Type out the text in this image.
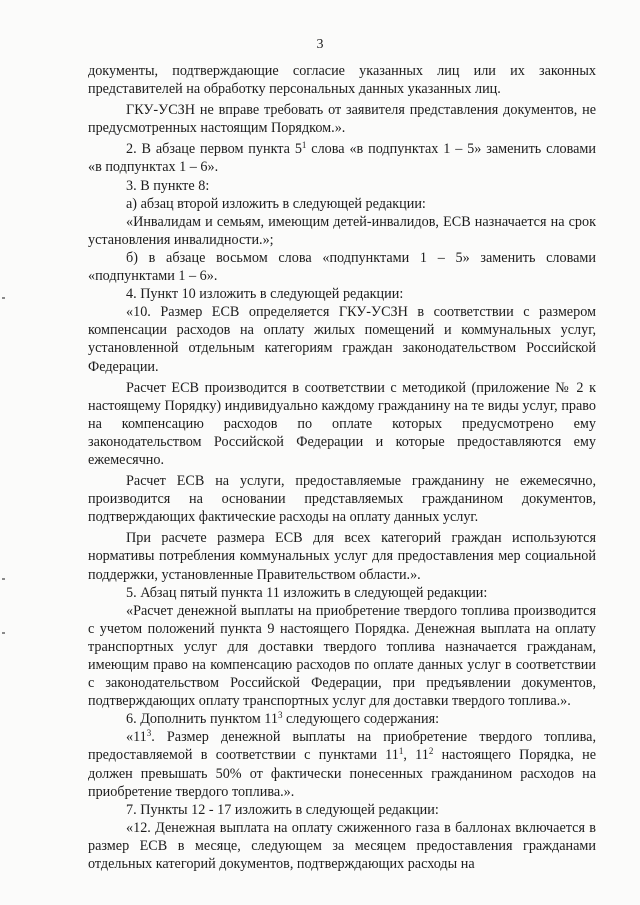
3

документы, подтверждающие согласие указанных лиц или их законных представителей на обработку персональных данных указанных лиц.

ГКУ-УСЗН не вправе требовать от заявителя представления документов, не предусмотренных настоящим Порядком.».

2. В абзаце первом пункта $5^1$ слова «в подпунктах 1 – 5» заменить словами «в подпунктах 1 – 6».

3. В пункте 8:

а) абзац второй изложить в следующей редакции:

«Инвалидам и семьям, имеющим детей-инвалидов, ЕСВ назначается на срок установления инвалидности.»;

б) в абзаце восьмом слова «подпунктами 1 – 5» заменить словами «подпунктами 1 – 6».

4. Пункт 10 изложить в следующей редакции:

«10. Размер ЕСВ определяется ГКУ-УСЗН в соответствии с размером компенсации расходов на оплату жилых помещений и коммунальных услуг, установленной отдельным категориям граждан законодательством Российской Федерации.

Расчет ЕСВ производится в соответствии с методикой (приложение № 2 к настоящему Порядку) индивидуально каждому гражданину на те виды услуг, право на компенсацию расходов по оплате которых предусмотрено ему законодательством Российской Федерации и которые предоставляются ему ежемесячно.

Расчет ЕСВ на услуги, предоставляемые гражданину не ежемесячно, производится на основании представляемых гражданином документов, подтверждающих фактические расходы на оплату данных услуг.

При расчете размера ЕСВ для всех категорий граждан используются нормативы потребления коммунальных услуг для предоставления мер социальной поддержки, установленные Правительством области.».

5. Абзац пятый пункта 11 изложить в следующей редакции:

«Расчет денежной выплаты на приобретение твердого топлива производится с учетом положений пункта 9 настоящего Порядка. Денежная выплата на оплату транспортных услуг для доставки твердого топлива назначается гражданам, имеющим право на компенсацию расходов по оплате данных услуг в соответствии с законодательством Российской Федерации, при предъявлении документов, подтверждающих оплату транспортных услуг для доставки твердого топлива.».

6. Дополнить пунктом $11^3$ следующего содержания:

«$11^3$. Размер денежной выплаты на приобретение твердого топлива, предоставляемой в соответствии с пунктами $11^1$, $11^2$ настоящего Порядка, не должен превышать 50% от фактически понесенных гражданином расходов на приобретение твердого топлива.».

7. Пункты 12 - 17 изложить в следующей редакции:

«12. Денежная выплата на оплату сжиженного газа в баллонах включается в размер ЕСВ в месяце, следующем за месяцем предоставления гражданами отдельных категорий документов, подтверждающих расходы на
